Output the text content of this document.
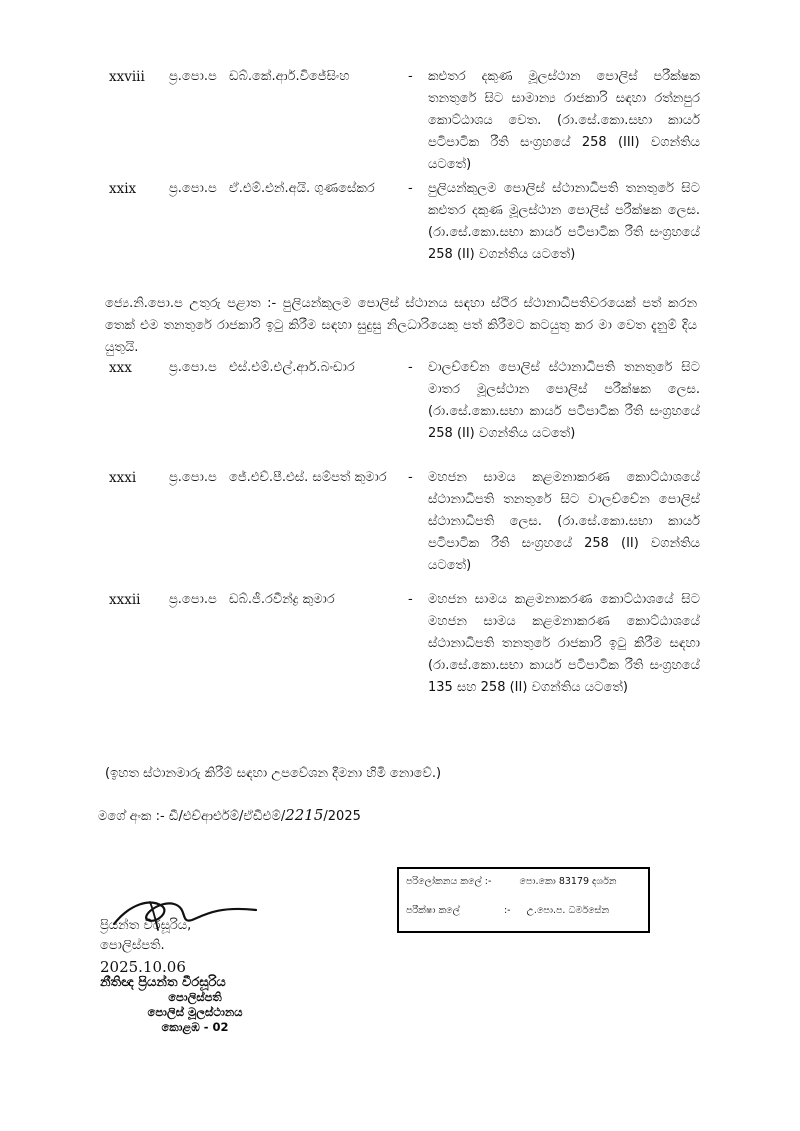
xxviii ප්‍ර.පො.ප ඩබ්.කේ.ආර්.විජේසිංහ	- කළුතර දකුණ මූලස්ථාන පොලිස් පරීක්ෂක තනතුරේ සිට සාමාන්‍ය රාජකාරි සඳහා රත්නපුර කොට්ඨාශය වෙත. (රා.සේ.කො.සභා කාර්ය පටිපාටික රීති සංග්‍රහයේ 258 (III) වගන්තිය යටතේ)
xxix	ප්‍ර.පො.ප ඒ.එම්.එන්.අයි. ගුණසේකර	- පුලියන්කුලම පොලිස් ස්ථානාධිපති තනතුරේ සිට කළුතර දකුණ මූලස්ථාන පොලිස් පරීක්ෂක ලෙස. (රා.සේ.කො.සභා කාර්ය පටිපාටික රීති සංග්‍රහයේ 258 (II) වගන්තිය යටතේ)
ජ්‍යෙ.නි.පො.ප උතුරු පළාත :- පුලියන්කුලම පොලිස් ස්ථානය සඳහා ස්ථිර ස්ථානාධිපතිවරයෙක් පත් කරන තෙක් එම තනතුරේ රාජකාරි ඉටු කිරීම සඳහා සුදුසු නිලධාරියෙකු පත් කිරීමට කටයුතු කර මා වෙත දැනුම් දිය යුතුයි.
xxx	ප්‍ර.පො.ප එස්.එම්.එල්.ආර්.බංඩාර	- වාලච්චේන පොලිස් ස්ථානාධිපති තනතුරේ සිට මාතර මූලස්ථාන පොලිස් පරීක්ෂක ලෙස. (රා.සේ.කො.සභා කාර්ය පටිපාටික රීති සංග්‍රහයේ 258 (II) වගන්තිය යටතේ)
xxxi	ප්‍ර.පො.ප ජේ.එච්.පී.එස්. සම්පත් කුමාර	- මහජන සාමය කළමනාකරණ කොට්ඨාශයේ ස්ථානාධිපති තනතුරේ සිට වාලච්චේන පොලිස් ස්ථානාධිපති ලෙස. (රා.සේ.කො.සභා කාර්ය පටිපාටික රීති සංග්‍රහයේ 258 (II) වගන්තිය යටතේ)
xxxii ප්‍ර.පො.ප ඩබ්.ජී.රවීන්ද්‍ර කුමාර	- මහජන සාමය කළමනාකරණ කොට්ඨාශයේ සිට මහජන සාමය කළමනාකරණ කොට්ඨාශයේ ස්ථානාධිපති තනතුරේ රාජකාරි ඉටු කිරීම සඳහා (රා.සේ.කො.සභා කාර්ය පටිපාටික රීති සංග්‍රහයේ 135 සහ 258 (II) වගන්තිය යටතේ)
(ඉහත ස්ථානමාරු කිරීම් සඳහා උපවේශන දීමනා හිමි නොවේ.)
මගේ අංක :- ඩී/එච්ආර්එම්/ඒඩීඑම්/2215/2025
පරිලෝකනය කලේ :-	පො.කො 83179 දර්ශන
පරීක්ෂා කලේ	:- උ.පො.ප. ධර්මසේන
ප්‍රියන්ත වීරසූරිය,
පොලිස්පති.
2025.10.06
නීතිඥ ප්‍රියන්ත වීරසූරිය
පොලිස්පති
පොලිස් මූලස්ථානය
කොළඹ - 02
